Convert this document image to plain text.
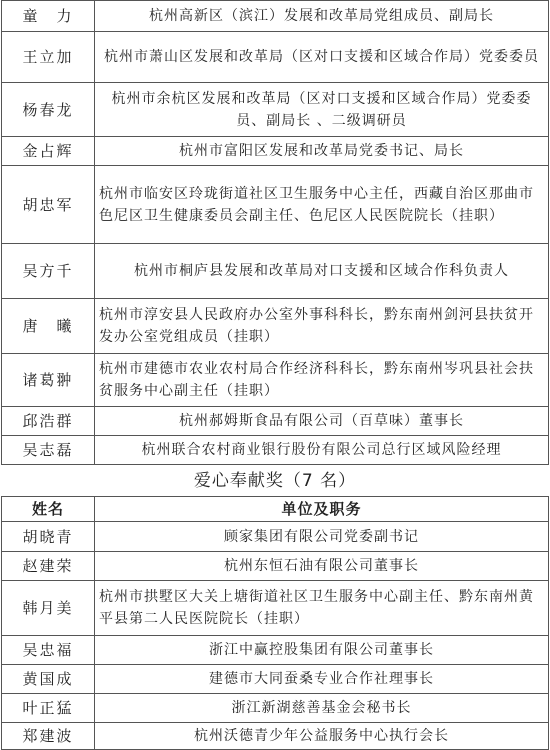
童　力	杭州高新区（滨江）发展和改革局党组成员、副局长
王立加	杭州市萧山区发展和改革局（区对口支援和区域合作局）党委委员
杨春龙	杭州市余杭区发展和改革局（区对口支援和区域合作局）党委委员、副局长 、二级调研员
金占辉	杭州市富阳区发展和改革局党委书记、局长
胡忠军	杭州市临安区玲珑街道社区卫生服务中心主任，西藏自治区那曲市色尼区卫生健康委员会副主任、色尼区人民医院院长（挂职）
吴方千	杭州市桐庐县发展和改革局对口支援和区域合作科负责人
唐　曦	杭州市淳安县人民政府办公室外事科科长，黔东南州剑河县扶贫开发办公室党组成员（挂职）
诸葛翀	杭州市建德市农业农村局合作经济科科长，黔东南州岑巩县社会扶贫服务中心副主任（挂职）
邱浩群	杭州郝姆斯食品有限公司（百草味）董事长
吴志磊	杭州联合农村商业银行股份有限公司总行区域风险经理
爱心奉献奖（7 名）	
姓名	单位及职务
胡晓青	顾家集团有限公司党委副书记
赵建荣	杭州东恒石油有限公司董事长
韩月美	杭州市拱墅区大关上塘街道社区卫生服务中心副主任、黔东南州黄平县第二人民医院院长（挂职）
吴忠福	浙江中赢控股集团有限公司董事长
黄国成	建德市大同蚕桑专业合作社理事长
叶正猛	浙江新湖慈善基金会秘书长
郑建波	杭州沃德青少年公益服务中心执行会长
